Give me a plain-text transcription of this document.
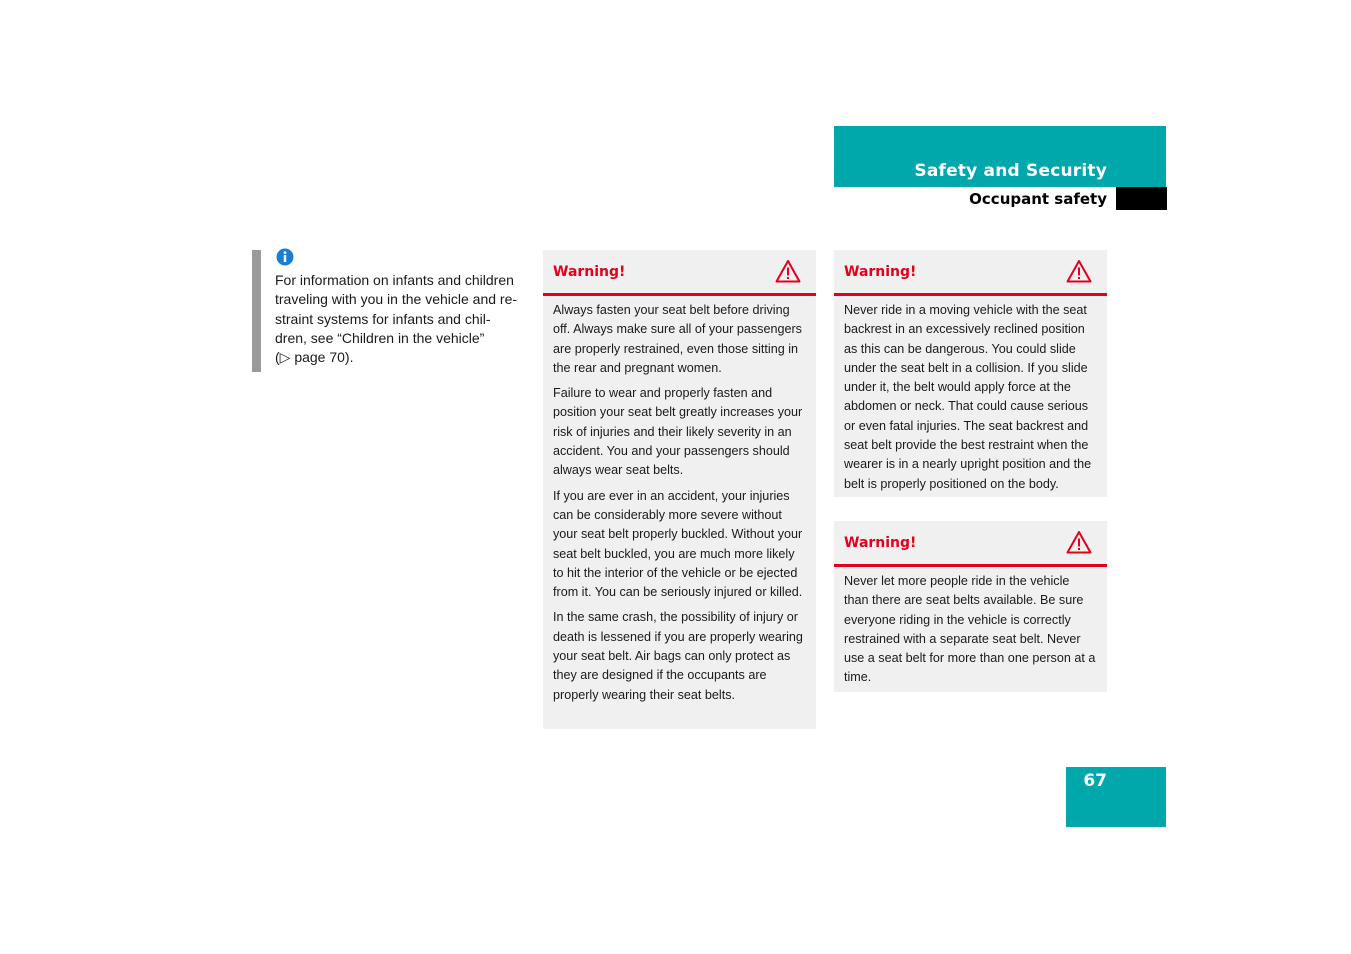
Safety and Security
Occupant safety

For information on infants and children

traveling with you in the vehicle and re-

straint systems for infants and chil-

dren, see “Children in the vehicle”

(▷ page 70).

Warning!

Always fasten your seat belt before driving off. Always make sure all of your passengers are properly restrained, even those sitting in the rear and pregnant women.

Failure to wear and properly fasten and position your seat belt greatly increases your risk of injuries and their likely severity in an accident. You and your passengers should always wear seat belts.

If you are ever in an accident, your injuries can be considerably more severe without your seat belt properly buckled. Without your seat belt buckled, you are much more likely to hit the interior of the vehicle or be ejected from it. You can be seriously injured or killed.

In the same crash, the possibility of injury or death is lessened if you are properly wearing your seat belt. Air bags can only protect as they are designed if the occupants are properly wearing their seat belts.

Warning!

Never ride in a moving vehicle with the seat backrest in an excessively reclined position as this can be dangerous. You could slide under the seat belt in a collision. If you slide under it, the belt would apply force at the abdomen or neck. That could cause serious or even fatal injuries. The seat backrest and seat belt provide the best restraint when the wearer is in a nearly upright position and the belt is properly positioned on the body.

Warning!

Never let more people ride in the vehicle than there are seat belts available. Be sure everyone riding in the vehicle is correctly restrained with a separate seat belt. Never use a seat belt for more than one person at a time.

67
